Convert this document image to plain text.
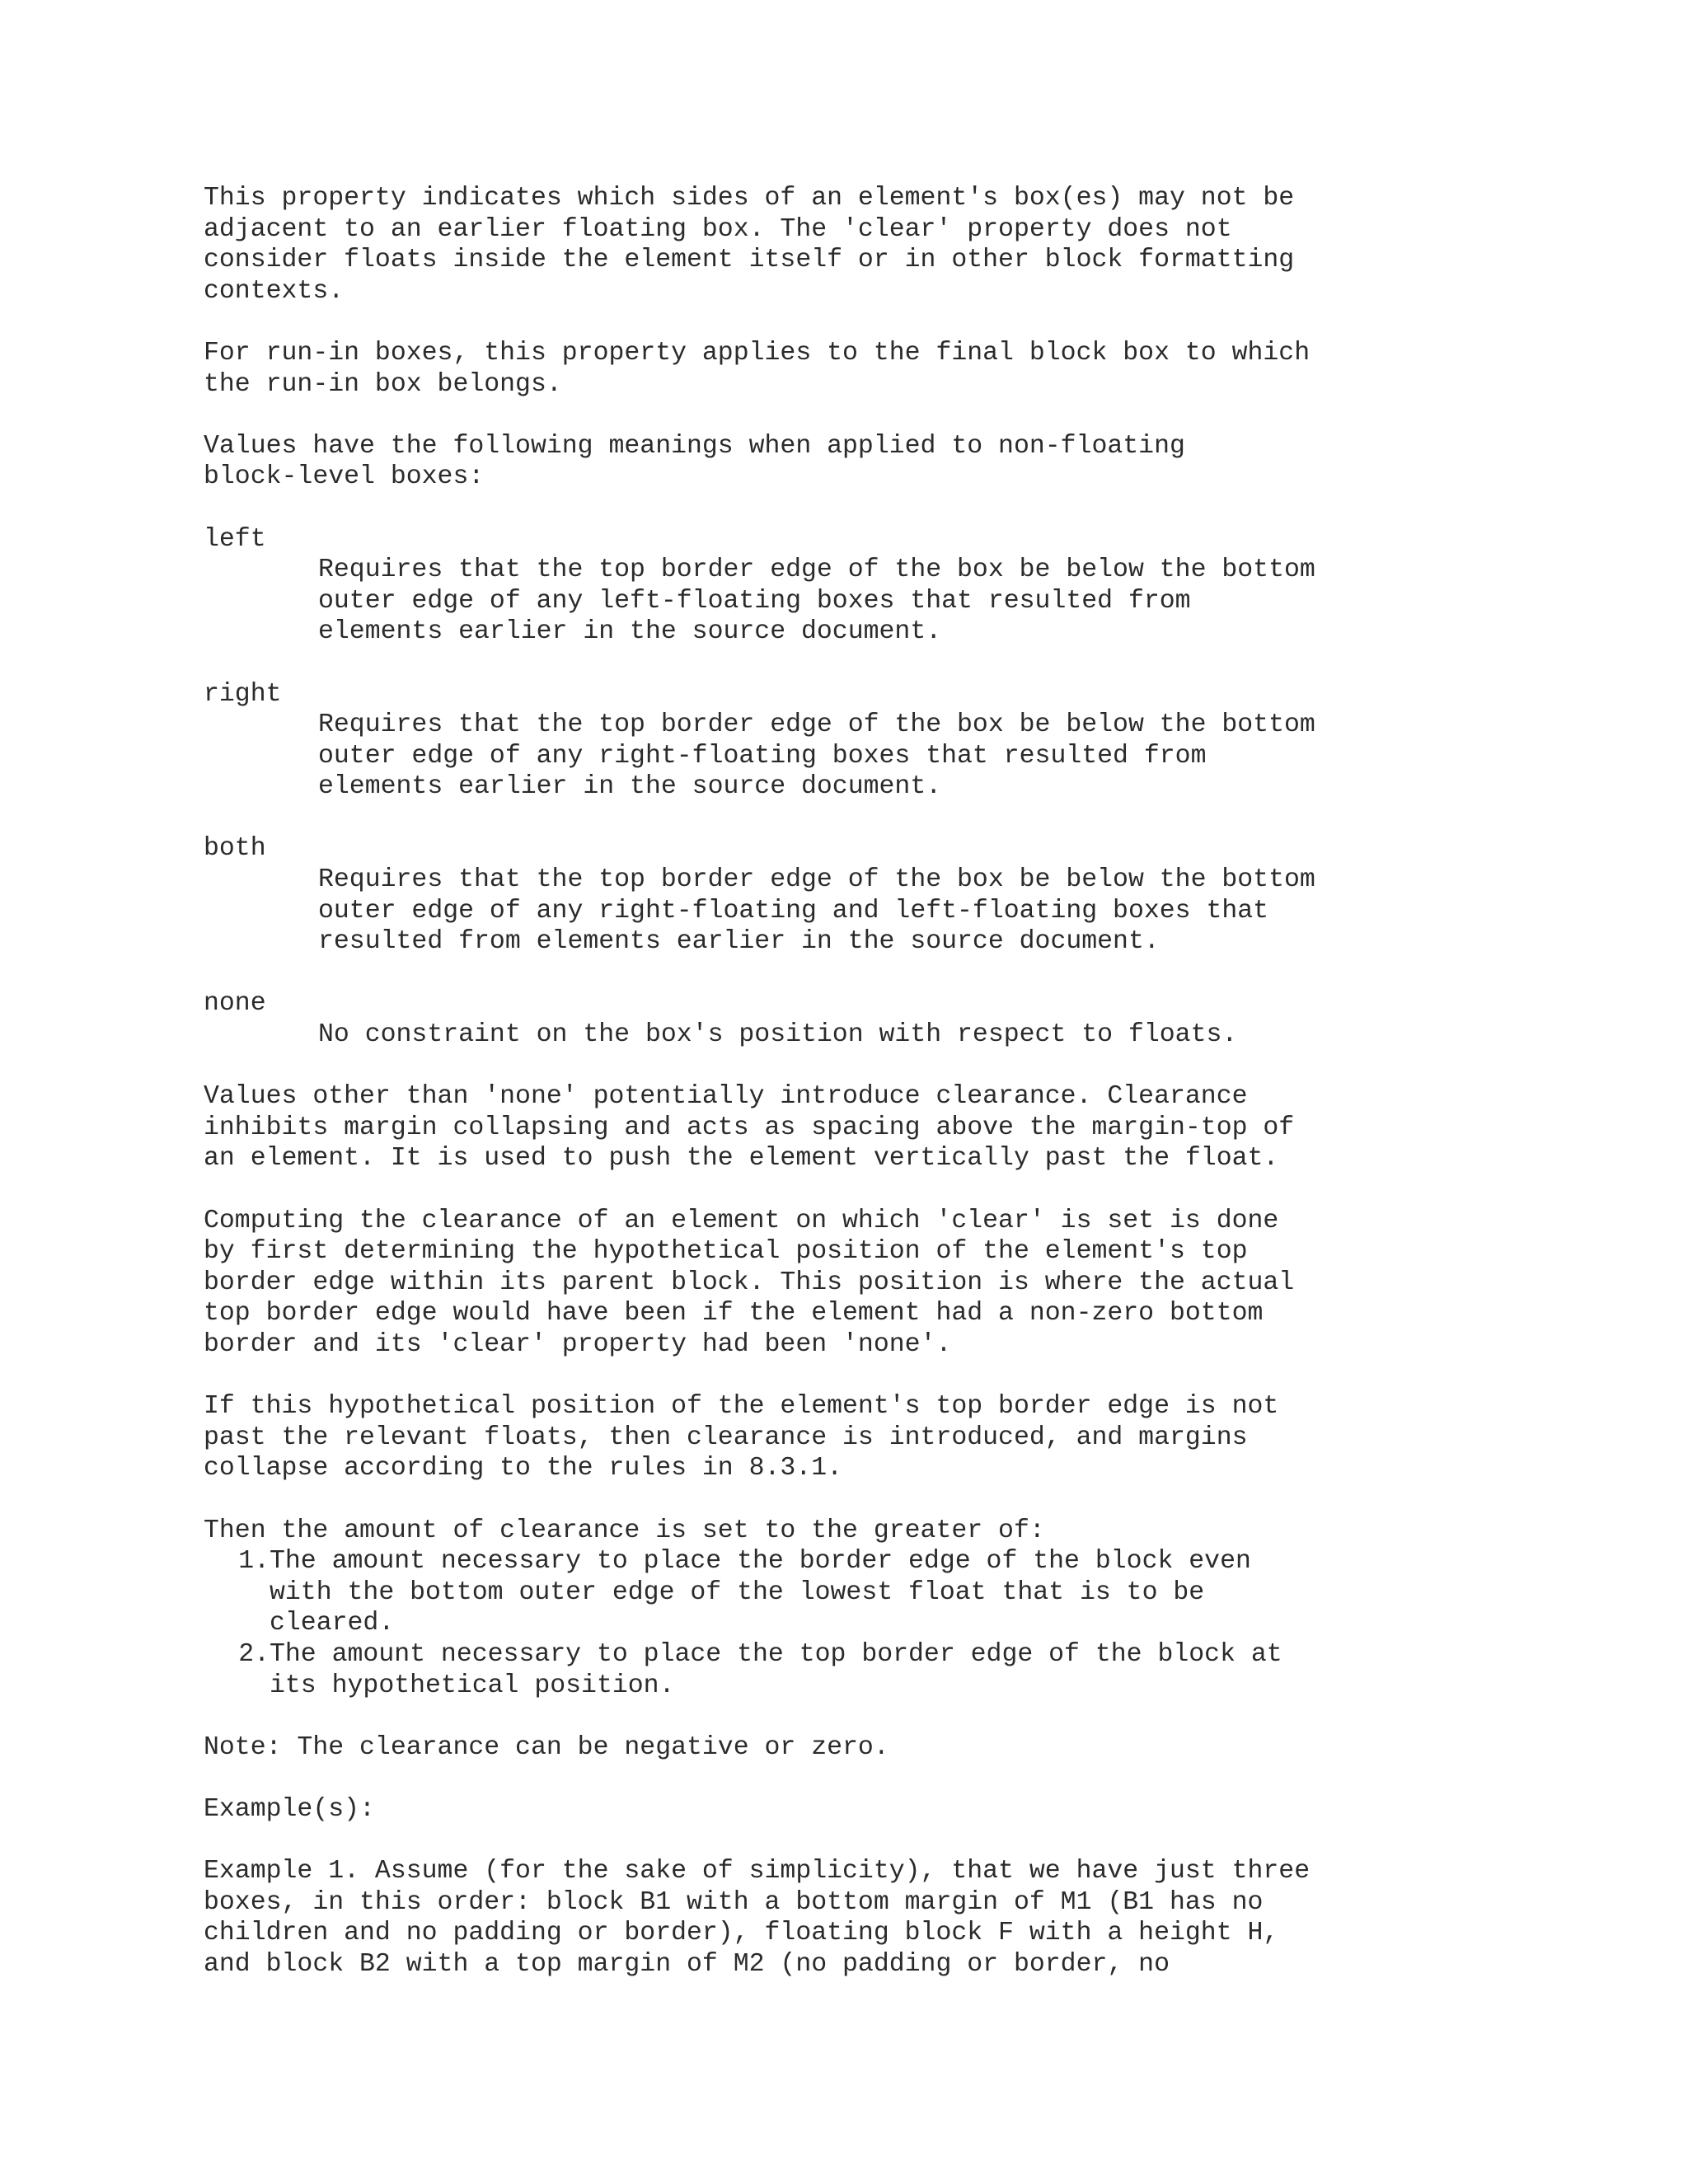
This property indicates which sides of an element's box(es) may not be
adjacent to an earlier floating box. The 'clear' property does not
consider floats inside the element itself or in other block formatting
contexts.
For run-in boxes, this property applies to the final block box to which
the run-in box belongs.
Values have the following meanings when applied to non-floating
block-level boxes:
left
Requires that the top border edge of the box be below the bottom
outer edge of any left-floating boxes that resulted from
elements earlier in the source document.
right
Requires that the top border edge of the box be below the bottom
outer edge of any right-floating boxes that resulted from
elements earlier in the source document.
both
Requires that the top border edge of the box be below the bottom
outer edge of any right-floating and left-floating boxes that
resulted from elements earlier in the source document.
none
No constraint on the box's position with respect to floats.
Values other than 'none' potentially introduce clearance. Clearance
inhibits margin collapsing and acts as spacing above the margin-top of
an element. It is used to push the element vertically past the float.
Computing the clearance of an element on which 'clear' is set is done
by first determining the hypothetical position of the element's top
border edge within its parent block. This position is where the actual
top border edge would have been if the element had a non-zero bottom
border and its 'clear' property had been 'none'.
If this hypothetical position of the element's top border edge is not
past the relevant floats, then clearance is introduced, and margins
collapse according to the rules in 8.3.1.
Then the amount of clearance is set to the greater of:
1. The amount necessary to place the border edge of the block even
with the bottom outer edge of the lowest float that is to be
cleared.
2. The amount necessary to place the top border edge of the block at
its hypothetical position.
Note: The clearance can be negative or zero.
Example(s):
Example 1. Assume (for the sake of simplicity), that we have just three
boxes, in this order: block B1 with a bottom margin of M1 (B1 has no
children and no padding or border), floating block F with a height H,
and block B2 with a top margin of M2 (no padding or border, no
